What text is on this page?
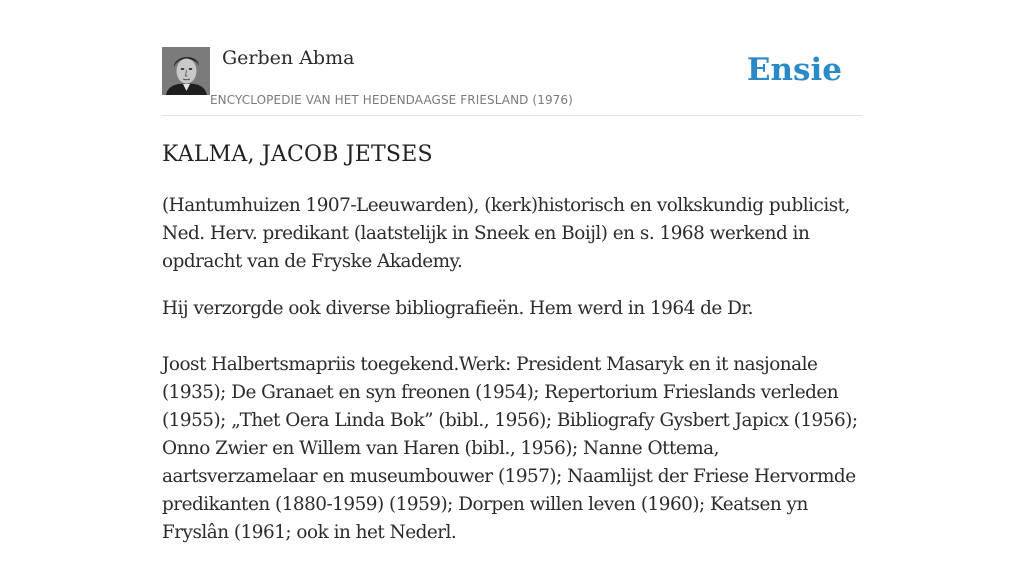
Gerben Abma
ENCYCLOPEDIE VAN HET HEDENDAAGSE FRIESLAND (1976)
Ensie
KALMA, JACOB JETSES

(Hantumhuizen 1907-Leeuwarden), (kerk)historisch en volkskundig publicist, Ned. Herv. predikant (laatstelijk in Sneek en Boijl) en s. 1968 werkend in opdracht van de Fryske Akademy.

Hij verzorgde ook diverse bibliografieën. Hem werd in 1964 de Dr.

Joost Halbertsmapriis toegekend.Werk: President Masaryk en it nasjonale (1935); De Granaet en syn freonen (1954); Repertorium Frieslands verleden (1955); „Thet Oera Linda Bok” (bibl., 1956); Bibliografy Gysbert Japicx (1956); Onno Zwier en Willem van Haren (bibl., 1956); Nanne Ottema, aartsverzamelaar en museumbouwer (1957); Naamlijst der Friese Hervormde predikanten (1880-1959) (1959); Dorpen willen leven (1960); Keatsen yn Fryslân (1961; ook in het Nederl.
